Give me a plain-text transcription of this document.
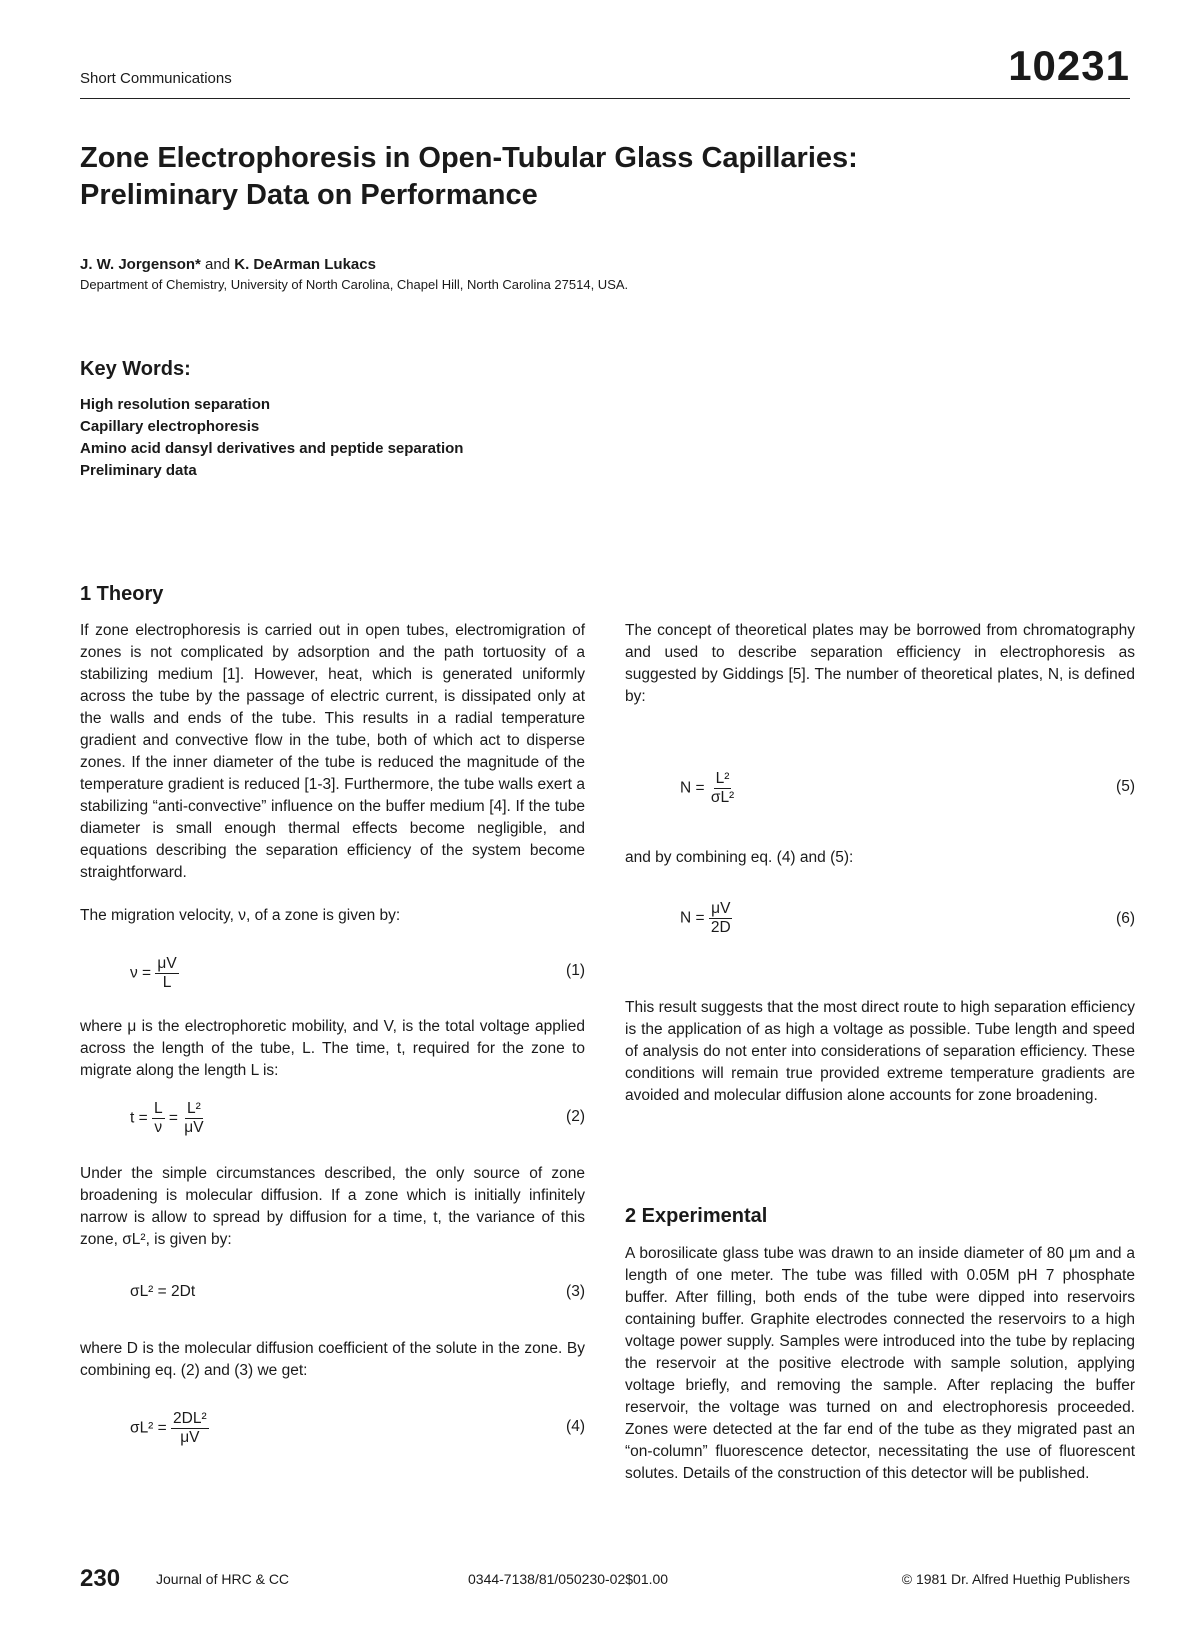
Short Communications	10231
Zone Electrophoresis in Open-Tubular Glass Capillaries:
Preliminary Data on Performance
J. W. Jorgenson* and K. DeArman Lukacs
Department of Chemistry, University of North Carolina, Chapel Hill, North Carolina 27514, USA.
Key Words:
High resolution separation
Capillary electrophoresis
Amino acid dansyl derivatives and peptide separation
Preliminary data
1 Theory

If zone electrophoresis is carried out in open tubes, electromigration of zones is not complicated by adsorption and the path tortuosity of a stabilizing medium [1]. However, heat, which is generated uniformly across the tube by the passage of electric current, is dissipated only at the walls and ends of the tube. This results in a radial temperature gradient and convective flow in the tube, both of which act to disperse zones. If the inner diameter of the tube is reduced the magnitude of the temperature gradient is reduced [1-3]. Furthermore, the tube walls exert a stabilizing “anti-convective” influence on the buffer medium [4]. If the tube diameter is small enough thermal effects become negligible, and equations describing the separation efficiency of the system become straightforward.

The migration velocity, ν, of a zone is given by:

$\nu = \frac{\mu V}{L}$	(1)

where μ is the electrophoretic mobility, and V, is the total voltage applied across the length of the tube, L. The time, t, required for the zone to migrate along the length L is:

$t = \frac{L}{\nu} = \frac{\text{L²}}{\mu V}$	(2)

Under the simple circumstances described, the only source of zone broadening is molecular diffusion. If a zone which is initially infinitely narrow is allow to spread by diffusion for a time, t, the variance of this zone, σL², is given by:

σL² = 2Dt	(3)

where D is the molecular diffusion coefficient of the solute in the zone. By combining eq. (2) and (3) we get:

$\sigma L^2 = \frac{\text{2DL²}}{\mu V}$	(4)

The concept of theoretical plates may be borrowed from chromatography and used to describe separation efficiency in electrophoresis as suggested by Giddings [5]. The number of theoretical plates, N, is defined by:

$N = \frac{\text{L²}}{\text{σL²}}$	(5)

and by combining eq. (4) and (5):

$N = \frac{\mu V}{2D}$	(6)

This result suggests that the most direct route to high separation efficiency is the application of as high a voltage as possible. Tube length and speed of analysis do not enter into considerations of separation efficiency. These conditions will remain true provided extreme temperature gradients are avoided and molecular diffusion alone accounts for zone broadening.

2 Experimental

A borosilicate glass tube was drawn to an inside diameter of 80 μm and a length of one meter. The tube was filled with 0.05M pH 7 phosphate buffer. After filling, both ends of the tube were dipped into reservoirs containing buffer. Graphite electrodes connected the reservoirs to a high voltage power supply. Samples were introduced into the tube by replacing the reservoir at the positive electrode with sample solution, applying voltage briefly, and removing the sample. After replacing the buffer reservoir, the voltage was turned on and electrophoresis proceeded. Zones were detected at the far end of the tube as they migrated past an “on-column” fluorescence detector, necessitating the use of fluorescent solutes. Details of the construction of this detector will be published.

230	Journal of HRC & CC	0344-7138/81/050230-02$01.00	© 1981 Dr. Alfred Huethig Publishers
